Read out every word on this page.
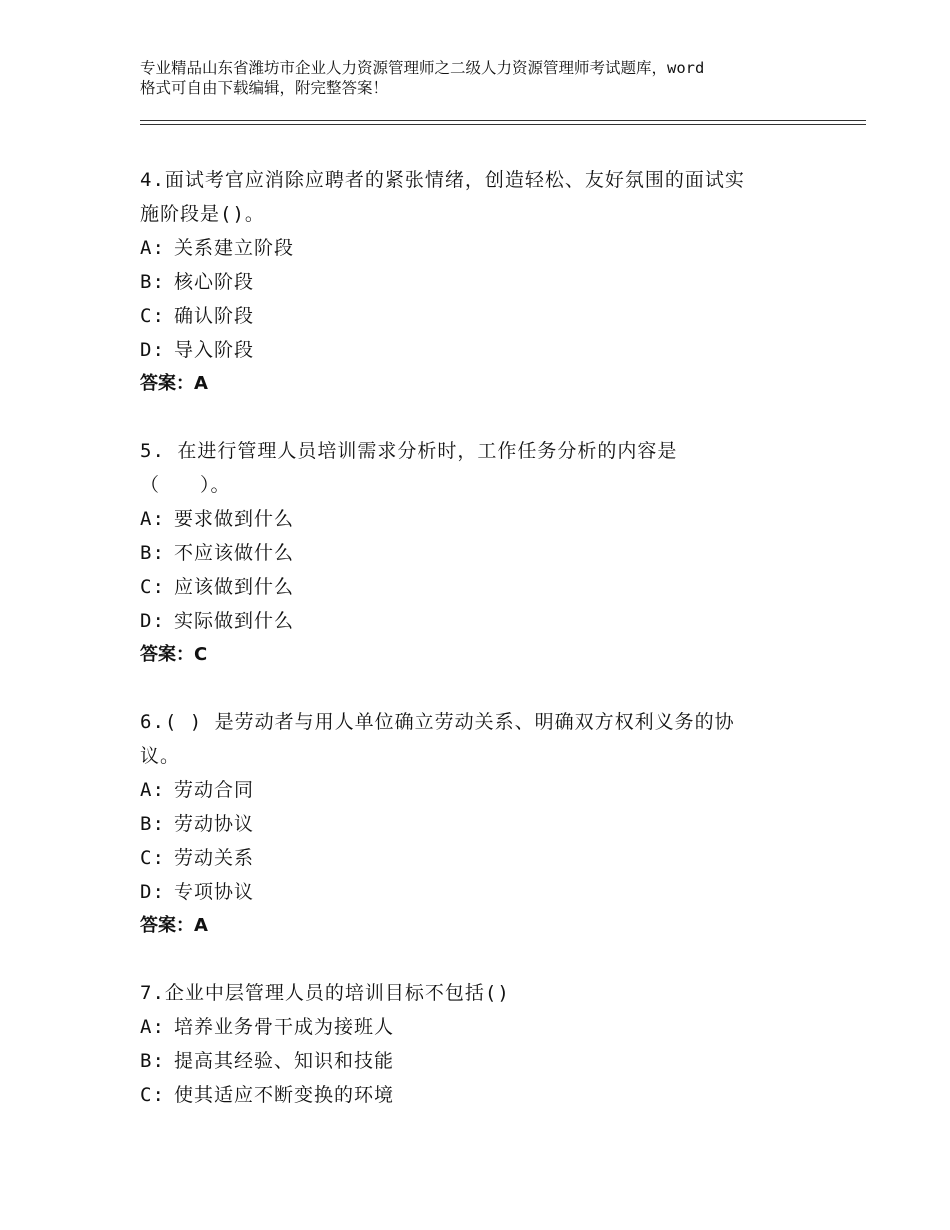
专业精品山东省潍坊市企业人力资源管理师之二级人力资源管理师考试题库，word
格式可自由下载编辑，附完整答案！
4.面试考官应消除应聘者的紧张情绪，创造轻松、友好氛围的面试实
施阶段是()。
A: 关系建立阶段
B: 核心阶段
C: 确认阶段
D: 导入阶段
答案：A
5. 在进行管理人员培训需求分析时，工作任务分析的内容是
（　　）。
A: 要求做到什么
B: 不应该做什么
C: 应该做到什么
D: 实际做到什么
答案：C
6.( ) 是劳动者与用人单位确立劳动关系、明确双方权利义务的协
议。
A: 劳动合同
B: 劳动协议
C: 劳动关系
D: 专项协议
答案：A
7.企业中层管理人员的培训目标不包括()
A: 培养业务骨干成为接班人
B: 提高其经验、知识和技能
C: 使其适应不断变换的环境
